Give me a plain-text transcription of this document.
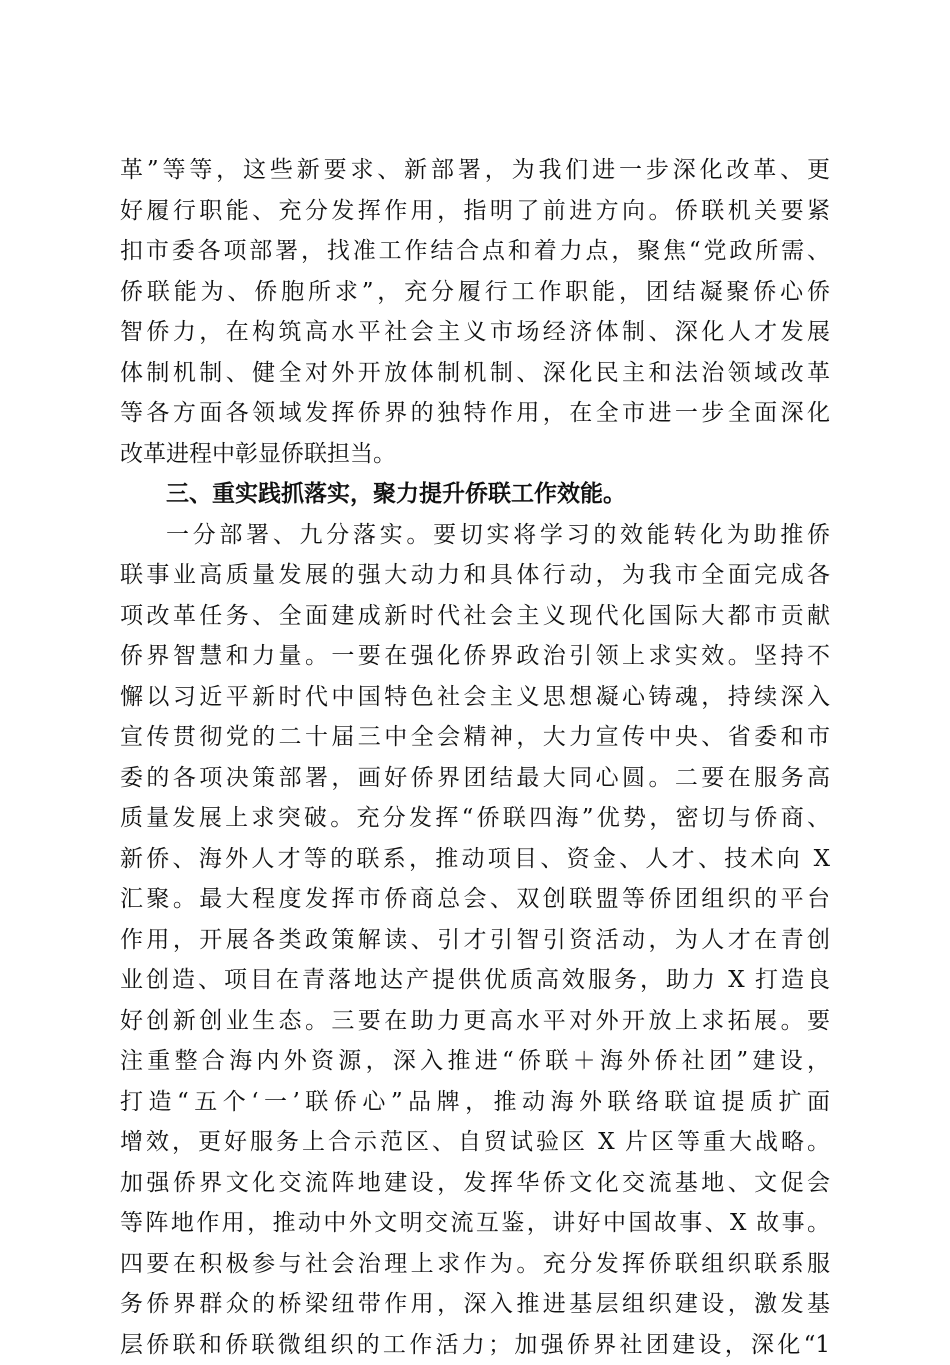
革”等等，这些新要求、新部署，为我们进一步深化改革、更
好履行职能、充分发挥作用，指明了前进方向。侨联机关要紧
扣市委各项部署，找准工作结合点和着力点，聚焦“党政所需、
侨联能为、侨胞所求”，充分履行工作职能，团结凝聚侨心侨
智侨力，在构筑高水平社会主义市场经济体制、深化人才发展
体制机制、健全对外开放体制机制、深化民主和法治领域改革
等各方面各领域发挥侨界的独特作用，在全市进一步全面深化
改革进程中彰显侨联担当。
三、重实践抓落实，聚力提升侨联工作效能。
一分部署、九分落实。要切实将学习的效能转化为助推侨
联事业高质量发展的强大动力和具体行动，为我市全面完成各
项改革任务、全面建成新时代社会主义现代化国际大都市贡献
侨界智慧和力量。一要在强化侨界政治引领上求实效。坚持不
懈以习近平新时代中国特色社会主义思想凝心铸魂，持续深入
宣传贯彻党的二十届三中全会精神，大力宣传中央、省委和市
委的各项决策部署，画好侨界团结最大同心圆。二要在服务高
质量发展上求突破。充分发挥“侨联四海”优势，密切与侨商、
新侨、海外人才等的联系，推动项目、资金、人才、技术向 X
汇聚。最大程度发挥市侨商总会、双创联盟等侨团组织的平台
作用，开展各类政策解读、引才引智引资活动，为人才在青创
业创造、项目在青落地达产提供优质高效服务，助力 X 打造良
好创新创业生态。三要在助力更高水平对外开放上求拓展。要
注重整合海内外资源，深入推进“侨联＋海外侨社团”建设，
打造“五个‘一’联侨心”品牌，推动海外联络联谊提质扩面
增效，更好服务上合示范区、自贸试验区 X 片区等重大战略。
加强侨界文化交流阵地建设，发挥华侨文化交流基地、文促会
等阵地作用，推动中外文明交流互鉴，讲好中国故事、X 故事。
四要在积极参与社会治理上求作为。充分发挥侨联组织联系服
务侨界群众的桥梁纽带作用，深入推进基层组织建设，激发基
层侨联和侨联微组织的工作活力；加强侨界社团建设，深化“1
